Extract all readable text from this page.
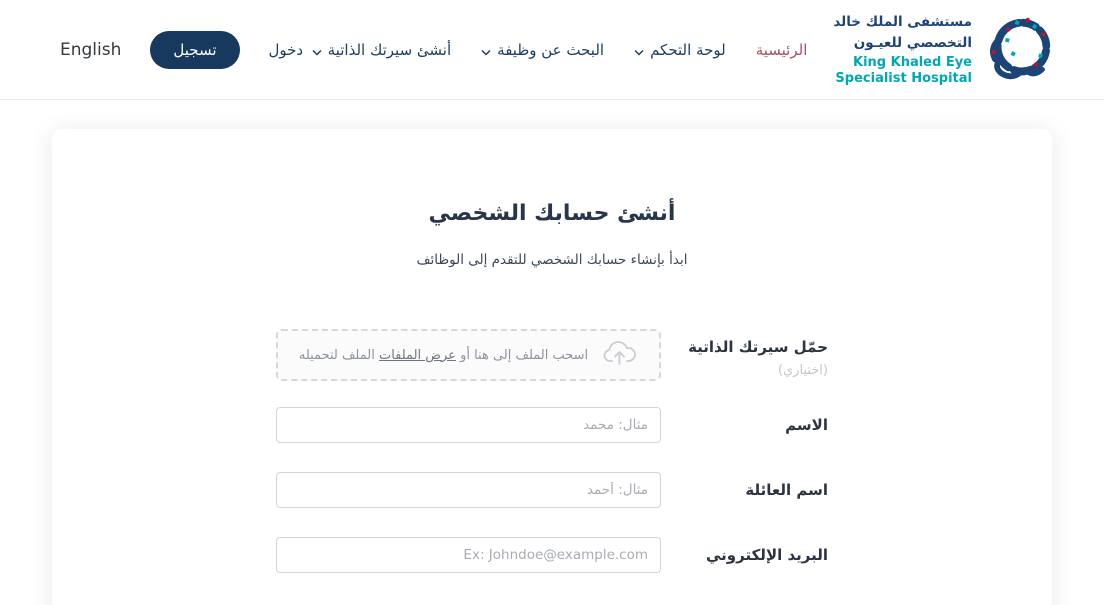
مستشفى الملك خالد
التخصصي للعيـون
King Khaled Eye
Specialist Hospital
الرئيسية
لوحة التحكم
البحث عن وظيفة
أنشئ سيرتك الذاتية
دخول
تسجيل
English
أنشئ حسابك الشخصي

ابدأ بإنشاء حسابك الشخصي للتقدم إلى الوظائف

حمّل سيرتك الذاتية
(اختياري)
اسحب الملف إلى هنا أو عرض الملفات الملف لتحميله
الاسم
مثال: محمد
اسم العائلة
مثال: أحمد
البريد الإلكتروني
Ex: Johndoe@example.com
